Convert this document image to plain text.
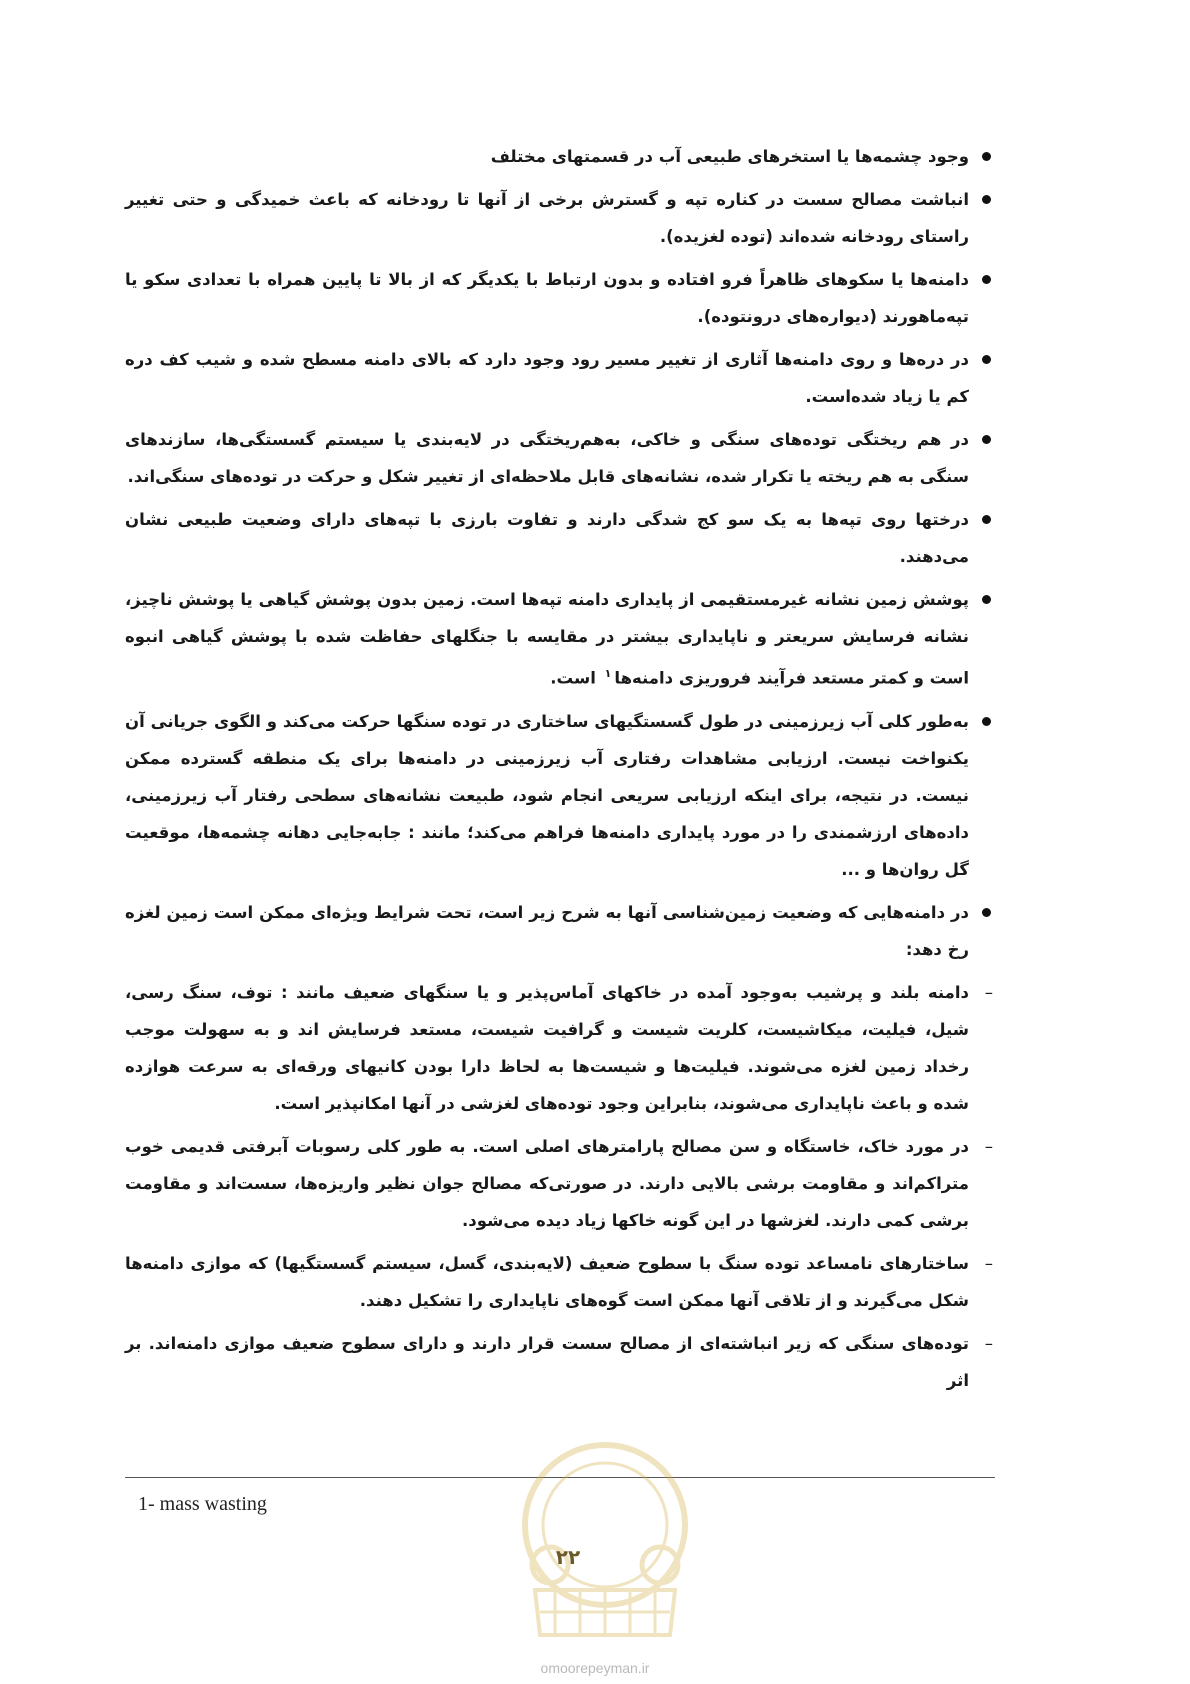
وجود چشمه‌ها یا استخرهای طبیعی آب در قسمتهای مختلف
انباشت مصالح سست در کناره تپه و گسترش برخی از آنها تا رودخانه که باعث خمیدگی و حتی تغییر راستای رودخانه شده‌اند (توده لغزیده).
دامنه‌ها یا سکوهای ظاهراً فرو افتاده و بدون ارتباط با یکدیگر که از بالا تا پایین همراه با تعدادی سکو یا تپه‌ماهورند (دیواره‌های درونتوده).
در دره‌ها و روی دامنه‌ها آثاری از تغییر مسیر رود وجود دارد که بالای دامنه مسطح شده و شیب کف دره کم یا زیاد شده‌است.
در هم ریختگی توده‌های سنگی و خاکی، به‌هم‌ریختگی در لایه‌بندی یا سیستم گسستگی‌ها، سازندهای سنگی به هم ریخته یا تکرار شده، نشانه‌های قابل ملاحظه‌ای از تغییر شکل و حرکت در توده‌های سنگی‌اند.
درختها روی تپه‌ها به یک سو کج شدگی دارند و تفاوت بارزی با تپه‌های دارای وضعیت طبیعی نشان می‌دهند.
پوشش زمین نشانه غیرمستقیمی از پایداری دامنه تپه‌ها است. زمین بدون پوشش گیاهی یا پوشش ناچیز، نشانه فرسایش سریعتر و ناپایداری بیشتر در مقایسه با جنگلهای حفاظت شده با پوشش گیاهی انبوه است و کمتر مستعد فرآیند فروریزی دامنه‌ها$^۱$ است.
به‌طور کلی آب زیرزمینی در طول گسستگیهای ساختاری در توده سنگها حرکت می‌کند و الگوی جریانی آن یکنواخت نیست. ارزیابی مشاهدات رفتاری آب زیرزمینی در دامنه‌ها برای یک منطقه گسترده ممکن نیست. در نتیجه، برای اینکه ارزیابی سریعی انجام شود، طبیعت نشانه‌های سطحی رفتار آب زیرزمینی، داده‌های ارزشمندی را در مورد پایداری دامنه‌ها فراهم می‌کند؛ مانند : جابه‌جایی دهانه چشمه‌ها، موقعیت گل روان‌ها و ...
در دامنه‌هایی که وضعیت زمین‌شناسی آنها به شرح زیر است، تحت شرایط ویژه‌ای ممکن است زمین لغزه رخ دهد:
– دامنه بلند و پرشیب به‌وجود آمده در خاکهای آماس‌پذیر و یا سنگهای ضعیف مانند : توف، سنگ رسی، شیل، فیلیت، میکاشیست، کلریت شیست و گرافیت شیست، مستعد فرسایش اند و به سهولت موجب رخداد زمین لغزه می‌شوند. فیلیت‌ها و شیست‌ها به لحاظ دارا بودن کانیهای ورقه‌ای به سرعت هوازده شده و باعث ناپایداری می‌شوند، بنابراین وجود توده‌های لغزشی در آنها امکانپذیر است.
– در مورد خاک، خاستگاه و سن مصالح پارامترهای اصلی است. به طور کلی رسوبات آبرفتی قدیمی خوب متراکم‌اند و مقاومت برشی بالایی دارند. در صورتی‌که مصالح جوان نظیر واریزه‌ها، سست‌اند و مقاومت برشی کمی دارند. لغزشها در این گونه خاکها زیاد دیده می‌شود.
– ساختارهای نامساعد توده سنگ با سطوح ضعیف (لایه‌بندی، گسل، سیستم گسستگیها) که موازی دامنه‌ها شکل می‌گیرند و از تلاقی آنها ممکن است گوه‌های ناپایداری را تشکیل دهند.
– توده‌های سنگی که زیر انباشته‌ای از مصالح سست قرار دارند و دارای سطوح ضعیف موازی دامنه‌اند. بر اثر
1- mass wasting
۲۲
omoorepeyman.ir
